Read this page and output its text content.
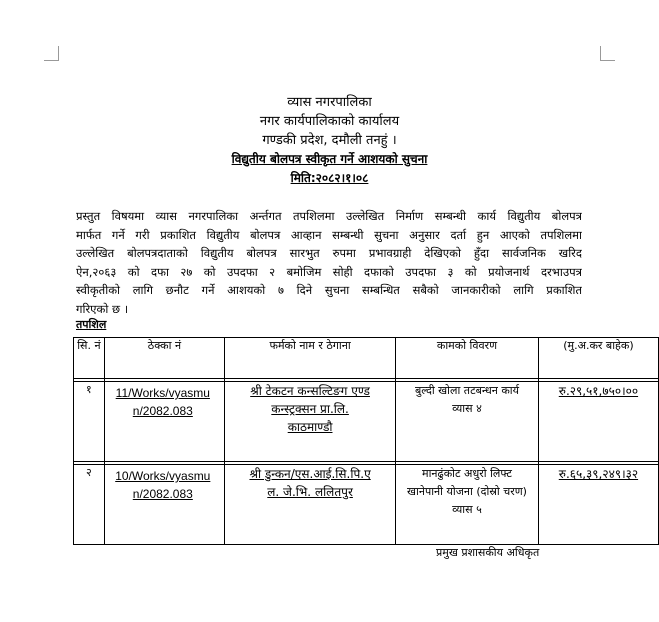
व्यास नगरपालिका
नगर कार्यपालिकाको कार्यालय
गण्डकी प्रदेश, दमौली तनहुं ।
विद्युतीय बोलपत्र स्वीकृत गर्ने आशयको सुचना
मिति:२०८२।१।०८
प्रस्तुत विषयमा व्यास नगरपालिका अर्न्तगत तपशिलमा उल्लेखित निर्माण सम्बन्धी कार्य विद्युतीय बोलपत्र
मार्फत गर्ने गरी प्रकाशित विद्युतीय बोलपत्र आव्हान सम्बन्धी सुचना अनुसार दर्ता हुन आएको तपशिलमा
उल्लेखित बोलपत्रदाताको विद्युतीय बोलपत्र सारभुत रुपमा प्रभावग्राही देखिएको हुँदा सार्वजनिक खरिद
ऐन,२०६३ को दफा २७ को उपदफा २ बमोजिम सोही दफाको उपदफा ३ को प्रयोजनार्थ दरभाउपत्र
स्वीकृतीको लागि छनौट गर्ने आशयको ७ दिने सुचना सम्बन्धित सबैको जानकारीको लागि प्रकाशित
गरिएको छ ।
तपशिल
सि. नं	ठेक्का नं	फर्मको नाम र ठेगाना	कामको विवरण	(मु.अ.कर बाहेक)

१	11/Works/vyasmun/2082.083	श्री टेकटन कन्सल्टिङग एण्ड कन्स्ट्रक्सन प्रा.लि. काठमाण्डौ	बुल्दी खोला तटबन्धन कार्य व्यास ४	रु.२९,५१,७५०।००

२	10/Works/vyasmun/2082.083	श्री डुन्कन/एस.आई.सि.पि.एल. जे.भि. ललितपुर	मानढुंकोट अधुरो लिफ्ट खानेपानी योजना (दोस्रो चरण) व्यास ५	रु.६५,३९,२४९।३२
प्रमुख प्रशासकीय अधिकृत
